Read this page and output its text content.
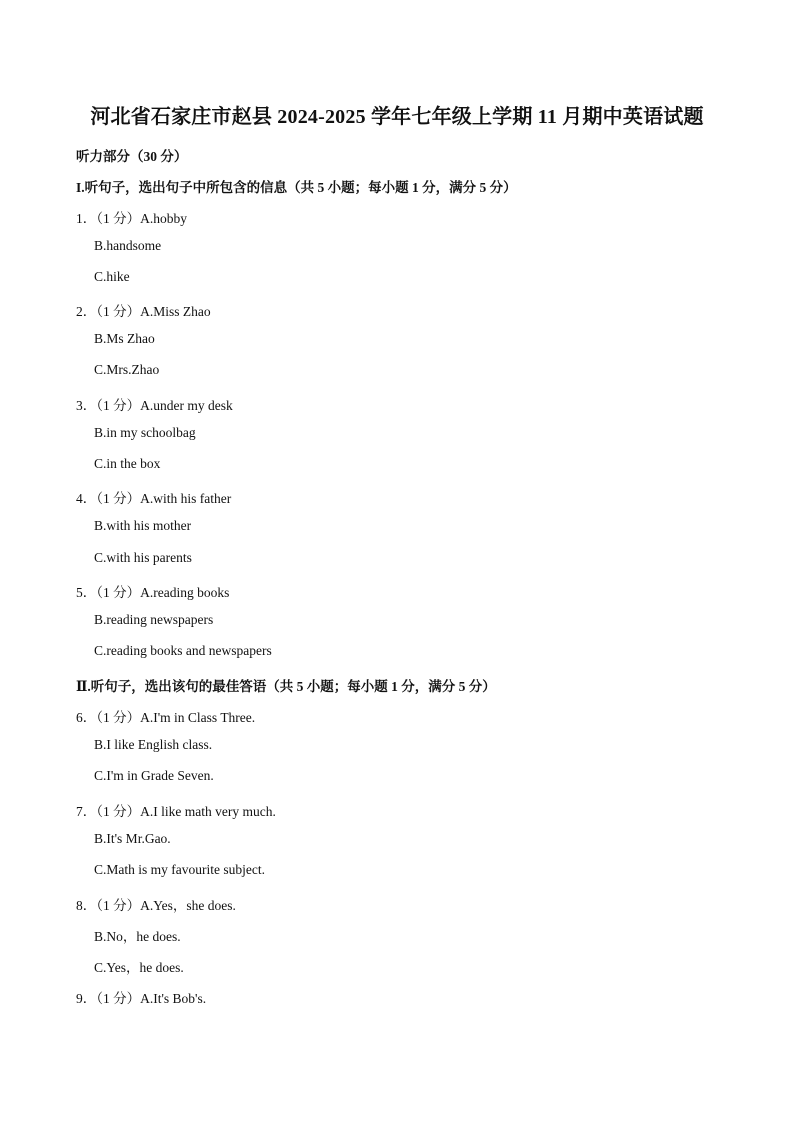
河北省石家庄市赵县 2024-2025 学年七年级上学期 11 月期中英语试题
听力部分（30 分）
I.听句子，选出句子中所包含的信息（共 5 小题；每小题 1 分，满分 5 分）
1．（1 分）A.hobby
B.handsome
C.hike
2．（1 分）A.Miss Zhao
B.Ms Zhao
C.Mrs.Zhao
3．（1 分）A.under my desk
B.in my schoolbag
C.in the box
4．（1 分）A.with his father
B.with his mother
C.with his parents
5．（1 分）A.reading books
B.reading newspapers
C.reading books and newspapers
Ⅱ.听句子，选出该句的最佳答语（共 5 小题；每小题 1 分，满分 5 分）
6．（1 分）A.I'm in Class Three.
B.I like English class.
C.I'm in Grade Seven.
7．（1 分）A.I like math very much.
B.It's Mr.Gao.
C.Math is my favourite subject.
8．（1 分）A.Yes，she does.
B.No，he does.
C.Yes，he does.
9．（1 分）A.It's Bob's.
